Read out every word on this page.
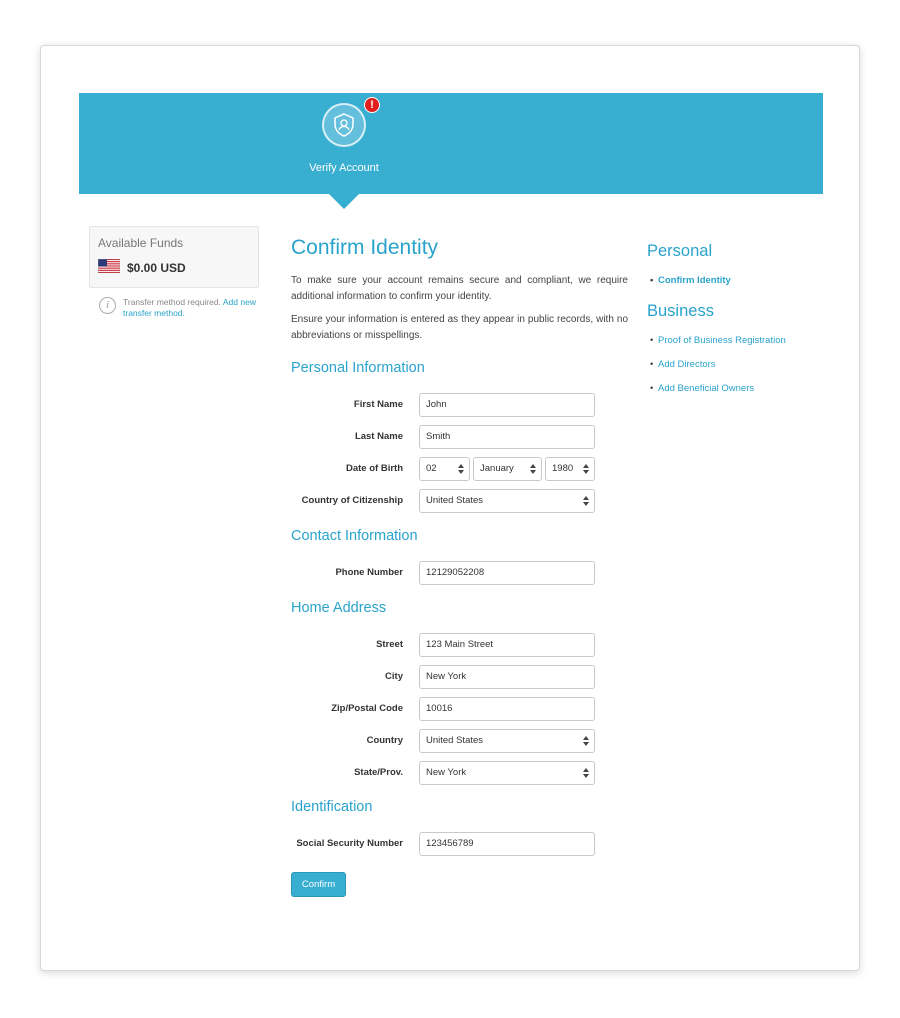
!
Verify Account
Available Funds
$0.00 USD
i	Transfer method required. Add new transfer method.
Confirm Identity

To make sure your account remains secure and compliant, we require additional information to confirm your identity.

Ensure your information is entered as they appear in public records, with no abbreviations or misspellings.

Personal Information
First Name	John
Last Name	Smith
Date of Birth	02	January	1980
Country of Citizenship	United States
Contact Information
Phone Number	12129052208
Home Address
Street	123 Main Street
City	New York
Zip/Postal Code	10016
Country	United States
State/Prov.	New York
Identification
Social Security Number	123456789
Confirm
Personal
• Confirm Identity
Business
• Proof of Business Registration
• Add Directors
• Add Beneficial Owners
